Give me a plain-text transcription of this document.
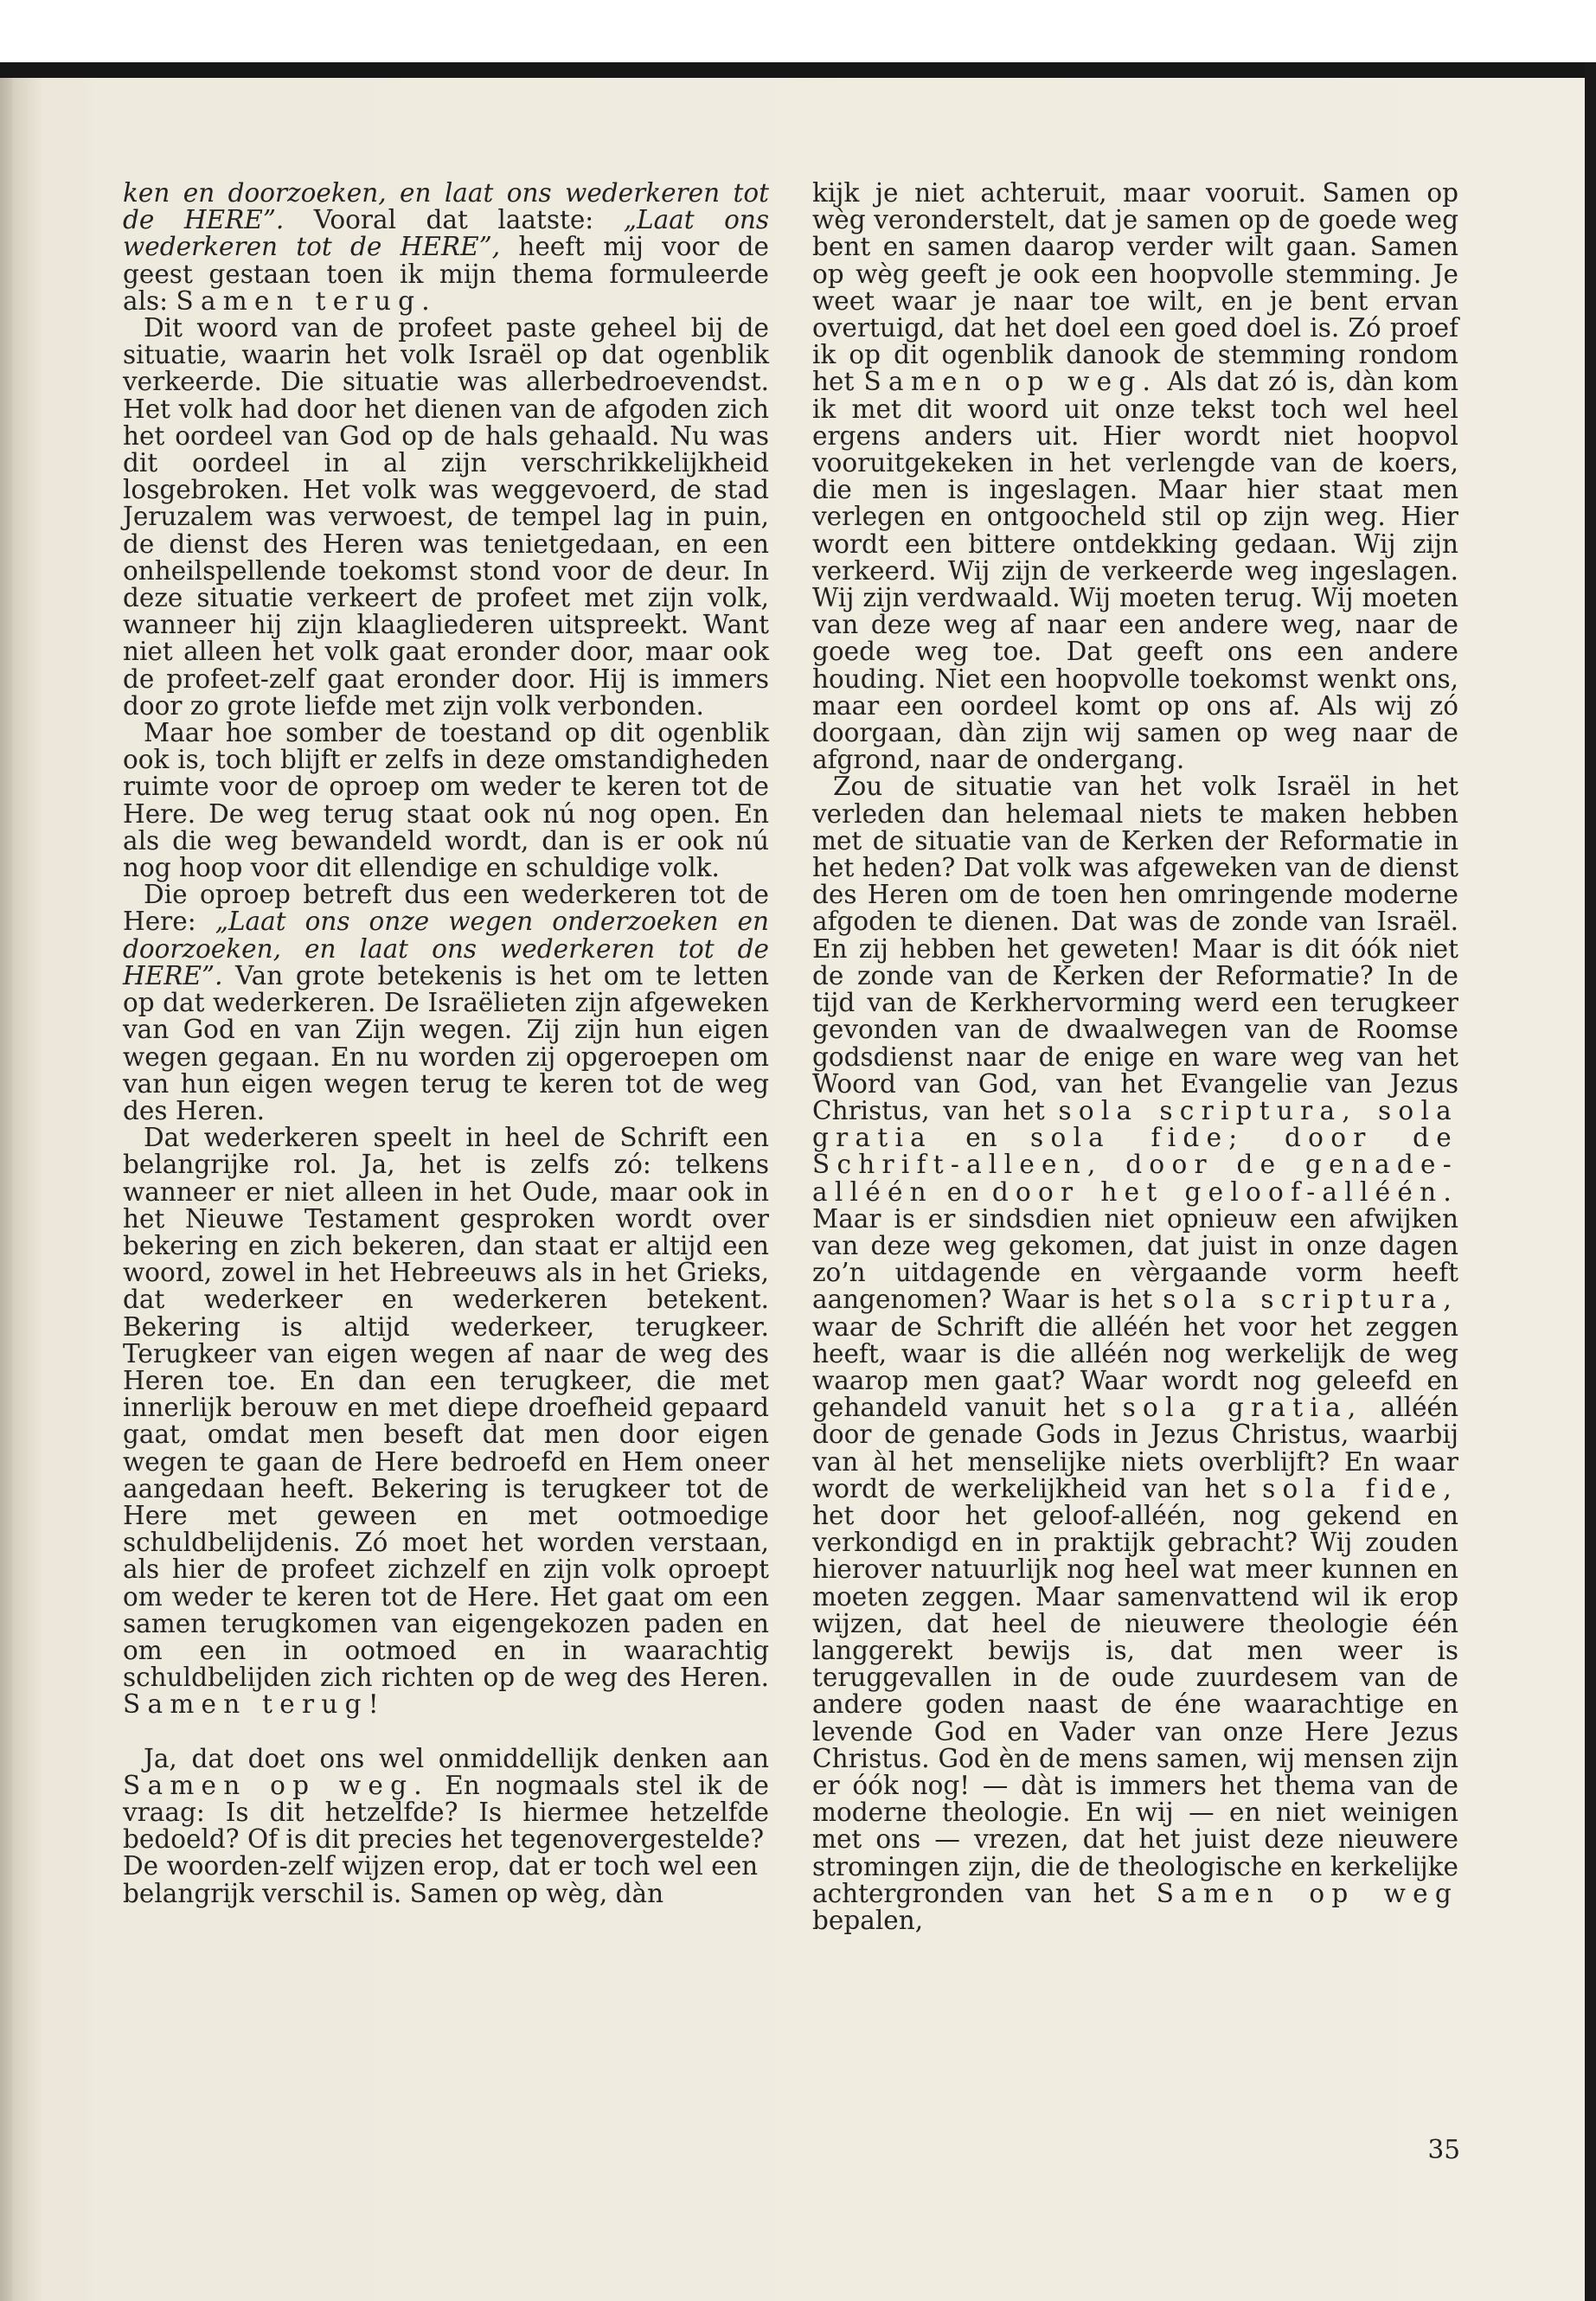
ken en doorzoeken, en laat ons wederkeren tot de HERE”. Vooral dat laatste: „Laat ons wederkeren tot de HERE”, heeft mij voor de geest gestaan toen ik mijn thema formuleerde als: Samen terug.

Dit woord van de profeet paste geheel bij de situatie, waarin het volk Israël op dat ogenblik verkeerde. Die situatie was allerbedroevendst. Het volk had door het dienen van de afgoden zich het oordeel van God op de hals gehaald. Nu was dit oordeel in al zijn verschrikkelijkheid losgebroken. Het volk was weggevoerd, de stad Jeruzalem was verwoest, de tempel lag in puin, de dienst des Heren was tenietgedaan, en een onheilspellende toekomst stond voor de deur. In deze situatie verkeert de profeet met zijn volk, wanneer hij zijn klaagliederen uitspreekt. Want niet alleen het volk gaat eronder door, maar ook de profeet-zelf gaat eronder door. Hij is immers door zo grote liefde met zijn volk verbonden.

Maar hoe somber de toestand op dit ogenblik ook is, toch blijft er zelfs in deze omstandigheden ruimte voor de oproep om weder te keren tot de Here. De weg terug staat ook nú nog open. En als die weg bewandeld wordt, dan is er ook nú nog hoop voor dit ellendige en schuldige volk.

Die oproep betreft dus een wederkeren tot de Here: „Laat ons onze wegen onderzoeken en doorzoeken, en laat ons wederkeren tot de HERE”. Van grote betekenis is het om te letten op dat wederkeren. De Israëlieten zijn afgeweken van God en van Zijn wegen. Zij zijn hun eigen wegen gegaan. En nu worden zij opgeroepen om van hun eigen wegen terug te keren tot de weg des Heren.

Dat wederkeren speelt in heel de Schrift een belangrijke rol. Ja, het is zelfs zó: telkens wanneer er niet alleen in het Oude, maar ook in het Nieuwe Testament gesproken wordt over bekering en zich bekeren, dan staat er altijd een woord, zowel in het Hebreeuws als in het Grieks, dat wederkeer en wederkeren betekent. Bekering is altijd wederkeer, terugkeer. Terugkeer van eigen wegen af naar de weg des Heren toe. En dan een terugkeer, die met innerlijk berouw en met diepe droefheid gepaard gaat, omdat men beseft dat men door eigen wegen te gaan de Here bedroefd en Hem oneer aangedaan heeft. Bekering is terugkeer tot de Here met geween en met ootmoedige schuldbelijdenis. Zó moet het worden verstaan, als hier de profeet zichzelf en zijn volk oproept om weder te keren tot de Here. Het gaat om een samen terugkomen van eigengekozen paden en om een in ootmoed en in waarachtig schuldbelijden zich richten op de weg des Heren. Samen terug!

Ja, dat doet ons wel onmiddellijk denken aan Samen op weg. En nogmaals stel ik de vraag: Is dit hetzelfde? Is hiermee hetzelfde bedoeld? Of is dit precies het tegenovergestelde?

De woorden-zelf wijzen erop, dat er toch wel een belangrijk verschil is. Samen op wèg, dàn

kijk je niet achteruit, maar vooruit. Samen op wèg veronderstelt, dat je samen op de goede weg bent en samen daarop verder wilt gaan. Samen op wèg geeft je ook een hoopvolle stemming. Je weet waar je naar toe wilt, en je bent ervan overtuigd, dat het doel een goed doel is. Zó proef ik op dit ogenblik danook de stemming rondom het Samen op weg. Als dat zó is, dàn kom ik met dit woord uit onze tekst toch wel heel ergens anders uit. Hier wordt niet hoopvol vooruitgekeken in het verlengde van de koers, die men is ingeslagen. Maar hier staat men verlegen en ontgoocheld stil op zijn weg. Hier wordt een bittere ontdekking gedaan. Wij zijn verkeerd. Wij zijn de verkeerde weg ingeslagen. Wij zijn verdwaald. Wij moeten terug. Wij moeten van deze weg af naar een andere weg, naar de goede weg toe. Dat geeft ons een andere houding. Niet een hoopvolle toekomst wenkt ons, maar een oordeel komt op ons af. Als wij zó doorgaan, dàn zijn wij samen op weg naar de afgrond, naar de ondergang.

Zou de situatie van het volk Israël in het verleden dan helemaal niets te maken hebben met de situatie van de Kerken der Reformatie in het heden? Dat volk was afgeweken van de dienst des Heren om de toen hen omringende moderne afgoden te dienen. Dat was de zonde van Israël. En zij hebben het geweten! Maar is dit óók niet de zonde van de Kerken der Reformatie? In de tijd van de Kerkhervorming werd een terugkeer gevonden van de dwaalwegen van de Roomse godsdienst naar de enige en ware weg van het Woord van God, van het Evangelie van Jezus Christus, van het sola scriptura, sola gratia en sola fide; door de Schrift-alleen, door de genade-alléén en door het geloof-alléén. Maar is er sindsdien niet opnieuw een afwijken van deze weg gekomen, dat juist in onze dagen zo’n uitdagende en vèrgaande vorm heeft aangenomen? Waar is het sola scriptura, waar de Schrift die alléén het voor het zeggen heeft, waar is die alléén nog werkelijk de weg waarop men gaat? Waar wordt nog geleefd en gehandeld vanuit het sola gratia, alléén door de genade Gods in Jezus Christus, waarbij van àl het menselijke niets overblijft? En waar wordt de werkelijkheid van het sola fide, het door het geloof-alléén, nog gekend en verkondigd en in praktijk gebracht? Wij zouden hierover natuurlijk nog heel wat meer kunnen en moeten zeggen. Maar samenvattend wil ik erop wijzen, dat heel de nieuwere theologie één langgerekt bewijs is, dat men weer is teruggevallen in de oude zuurdesem van de andere goden naast de éne waarachtige en levende God en Vader van onze Here Jezus Christus. God èn de mens samen, wij mensen zijn er óók nog! — dàt is immers het thema van de moderne theologie. En wij — en niet weinigen met ons — vrezen, dat het juist deze nieuwere stromingen zijn, die de theologische en kerkelijke achtergronden van het Samen op weg bepalen,

35
